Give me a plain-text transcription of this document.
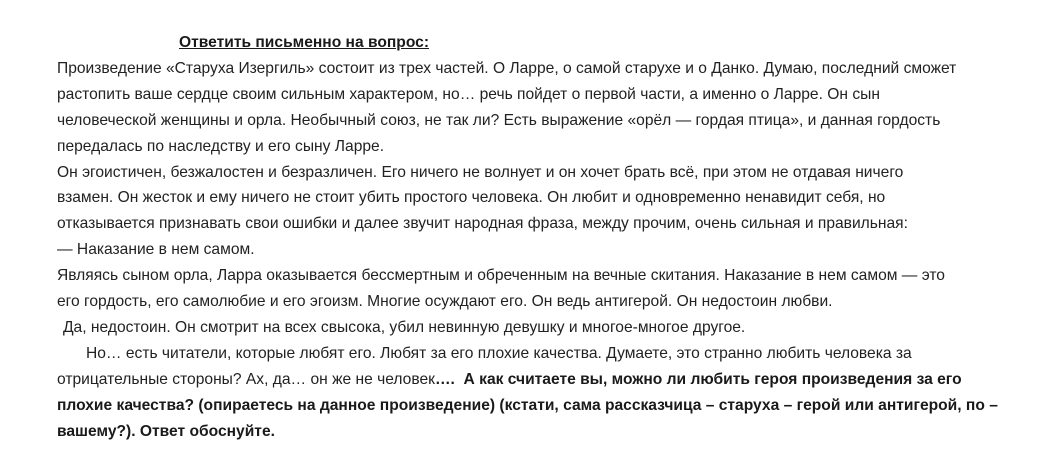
Ответить письменно на вопрос:
Произведение «Старуха Изергиль» состоит из трех частей. О Ларре, о самой старухе и о Данко. Думаю, последний сможет
растопить ваше сердце своим сильным характером, но… речь пойдет о первой части, а именно о Ларре. Он сын
человеческой женщины и орла. Необычный союз, не так ли? Есть выражение «орёл — гордая птица», и данная гордость
передалась по наследству и его сыну Ларре.
Он эгоистичен, безжалостен и безразличен. Его ничего не волнует и он хочет брать всё, при этом не отдавая ничего
взамен. Он жесток и ему ничего не стоит убить простого человека. Он любит и одновременно ненавидит себя, но
отказывается признавать свои ошибки и далее звучит народная фраза, между прочим, очень сильная и правильная:
— Наказание в нем самом.
Являясь сыном орла, Ларра оказывается бессмертным и обреченным на вечные скитания. Наказание в нем самом — это
его гордость, его самолюбие и его эгоизм. Многие осуждают его. Он ведь антигерой. Он недостоин любви.
Да, недостоин. Он смотрит на всех свысока, убил невинную девушку и многое-многое другое.
Но… есть читатели, которые любят его. Любят за его плохие качества. Думаете, это странно любить человека за
отрицательные стороны? Ах, да… он же не человек….  А как считаете вы, можно ли любить героя произведения за его
плохие качества? (опираетесь на данное произведение) (кстати, сама рассказчица – старуха – герой или антигерой, по –
вашему?). Ответ обоснуйте.
